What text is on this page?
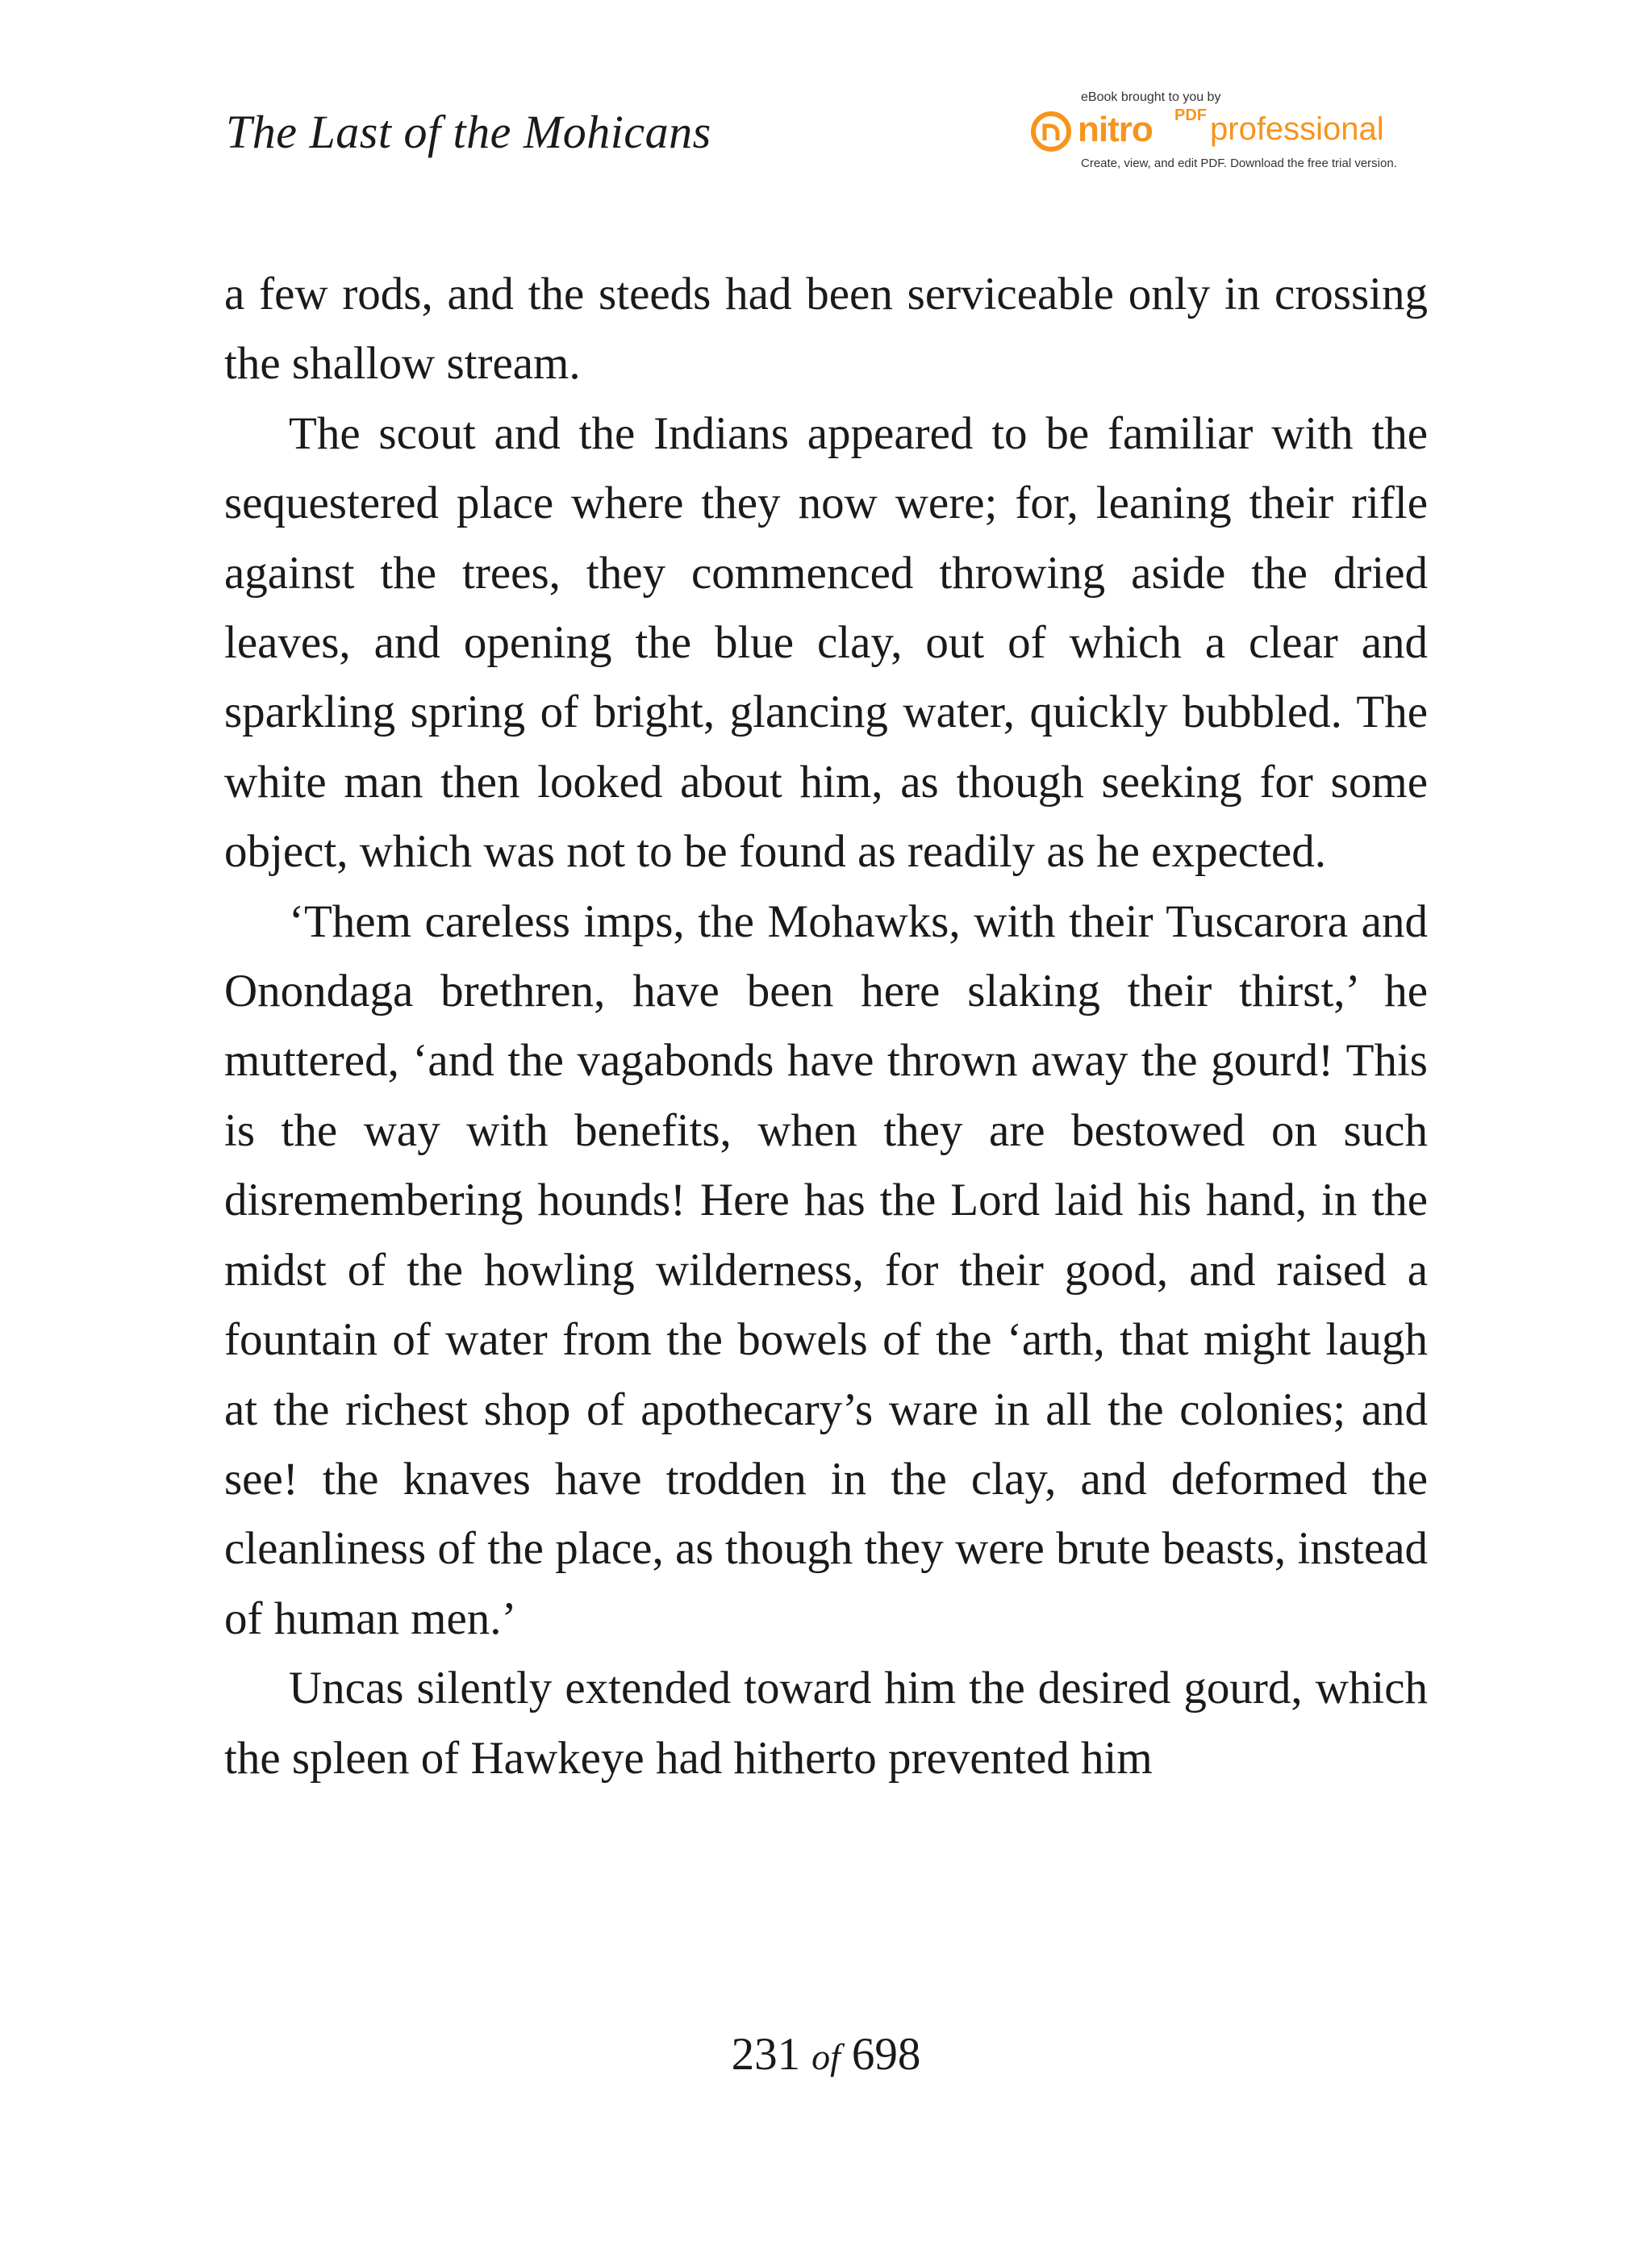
The Last of the Mohicans
eBook brought to you by
nitro PDF professional
Create, view, and edit PDF. Download the free trial version.

a few rods, and the steeds had been serviceable only in crossing the shallow stream.

The scout and the Indians appeared to be familiar with the sequestered place where they now were; for, leaning their rifle against the trees, they commenced throwing aside the dried leaves, and opening the blue clay, out of which a clear and sparkling spring of bright, glancing water, quickly bubbled. The white man then looked about him, as though seeking for some object, which was not to be found as readily as he expected.

‘Them careless imps, the Mohawks, with their Tuscarora and Onondaga brethren, have been here slaking their thirst,’ he muttered, ‘and the vagabonds have thrown away the gourd! This is the way with benefits, when they are bestowed on such disremembering hounds! Here has the Lord laid his hand, in the midst of the howling wilderness, for their good, and raised a fountain of water from the bowels of the ‘arth, that might laugh at the richest shop of apothecary’s ware in all the colonies; and see! the knaves have trodden in the clay, and deformed the cleanliness of the place, as though they were brute beasts, instead of human men.’

Uncas silently extended toward him the desired gourd, which the spleen of Hawkeye had hitherto prevented him

231 of 698
